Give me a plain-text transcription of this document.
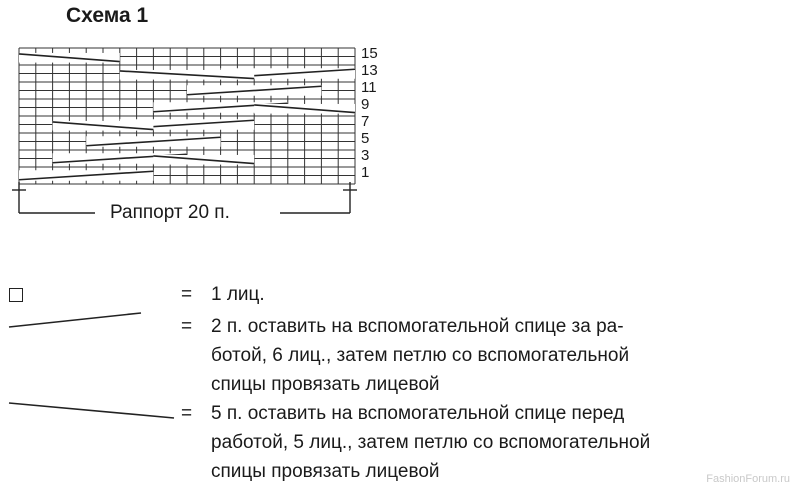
Схема 1
15
13
11
9
7
5
3
1
Раппорт 20 п.
= 1 лиц.
= 2 п. оставить на вспомогательной спице за ра-
ботой, 6 лиц., затем петлю со вспомогательной
спицы провязать лицевой
= 5 п. оставить на вспомогательной спице перед
работой, 5 лиц., затем петлю со вспомогательной
спицы провязать лицевой	FashionForum.ru
